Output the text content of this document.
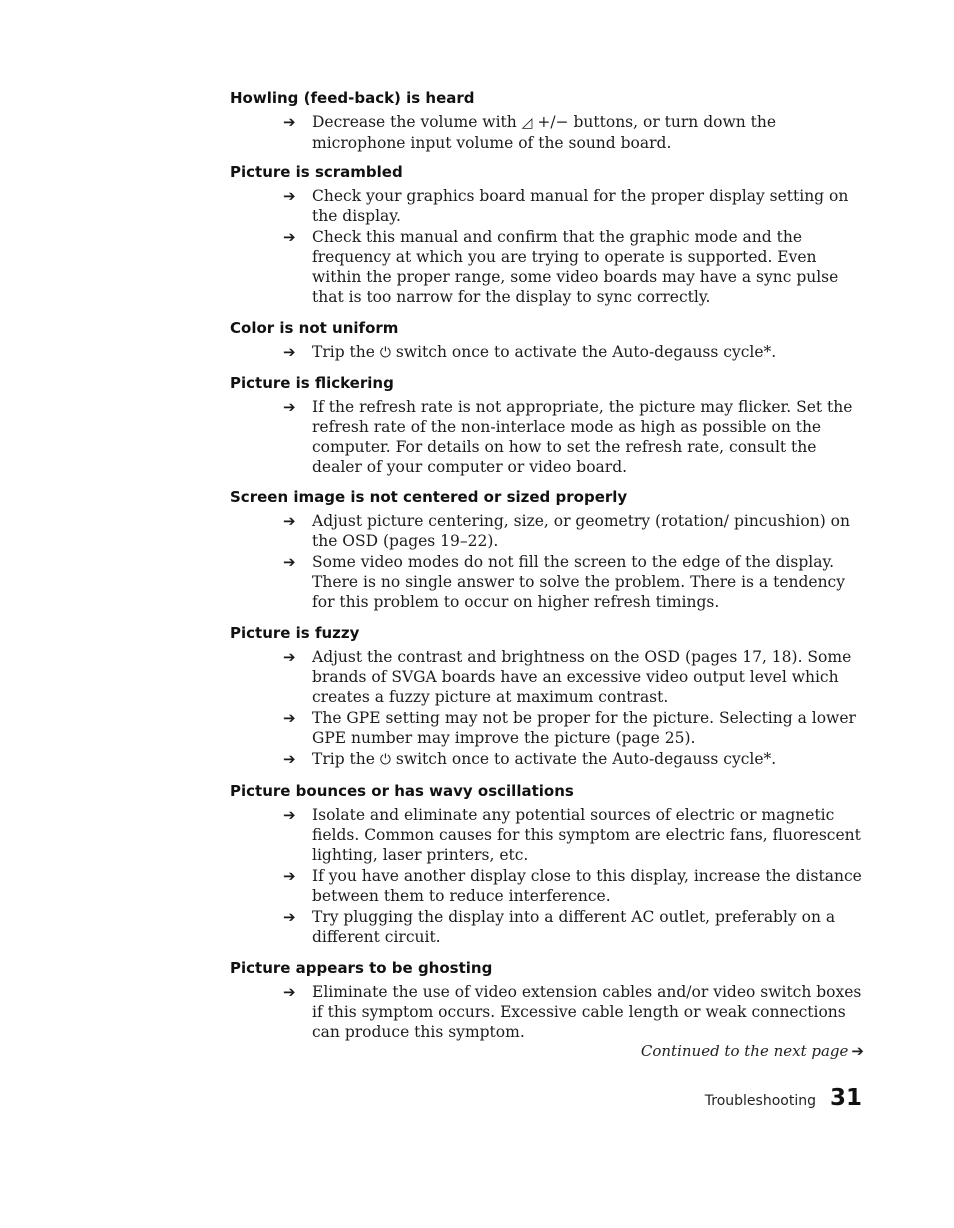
Howling (feed-back) is heard
➔ Decrease the volume with ◿ +/− buttons, or turn down the microphone input volume of the sound board.
Picture is scrambled
➔ Check your graphics board manual for the proper display setting on the display.
➔ Check this manual and confirm that the graphic mode and the frequency at which you are trying to operate is supported. Even within the proper range, some video boards may have a sync pulse that is too narrow for the display to sync correctly.
Color is not uniform
➔ Trip the ⏻ switch once to activate the Auto-degauss cycle*.
Picture is flickering
➔ If the refresh rate is not appropriate, the picture may flicker. Set the refresh rate of the non-interlace mode as high as possible on the computer. For details on how to set the refresh rate, consult the dealer of your computer or video board.
Screen image is not centered or sized properly
➔ Adjust picture centering, size, or geometry (rotation/ pincushion) on the OSD (pages 19–22).
➔ Some video modes do not fill the screen to the edge of the display. There is no single answer to solve the problem. There is a tendency for this problem to occur on higher refresh timings.
Picture is fuzzy
➔ Adjust the contrast and brightness on the OSD (pages 17, 18). Some brands of SVGA boards have an excessive video output level which creates a fuzzy picture at maximum contrast.
➔ The GPE setting may not be proper for the picture. Selecting a lower GPE number may improve the picture (page 25).
➔ Trip the ⏻ switch once to activate the Auto-degauss cycle*.
Picture bounces or has wavy oscillations
➔ Isolate and eliminate any potential sources of electric or magnetic fields. Common causes for this symptom are electric fans, fluorescent lighting, laser printers, etc.
➔ If you have another display close to this display, increase the distance between them to reduce interference.
➔ Try plugging the display into a different AC outlet, preferably on a different circuit.
Picture appears to be ghosting
➔ Eliminate the use of video extension cables and/or video switch boxes if this symptom occurs. Excessive cable length or weak connections can produce this symptom.
Continued to the next page ➔
Troubleshooting 31
